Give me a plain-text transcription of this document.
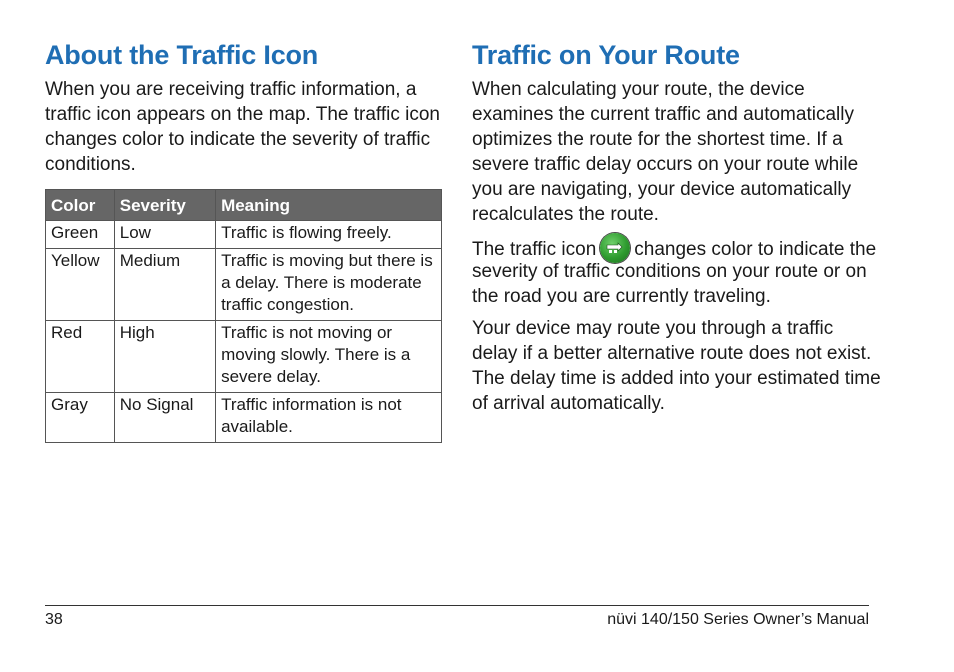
About the Traffic Icon

When you are receiving traffic information, a

traffic icon appears on the map. The traffic icon

changes color to indicate the severity of traffic

conditions.

Color	Severity	Meaning
Green	Low	Traffic is flowing freely.

Yellow	Medium	Traffic is moving but there is
a delay. There is moderate
traffic congestion.

Red	High	Traffic is not moving or
moving slowly. There is a
severe delay.

Gray	No Signal	Traffic information is not
available.
Traffic on Your Route

When calculating your route, the device

examines the current traffic and automatically

optimizes the route for the shortest time. If a

severe traffic delay occurs on your route while

you are navigating, your device automatically

recalculates the route.

The traffic icon changes color to indicate the

severity of traffic conditions on your route or on

the road you are currently traveling.

Your device may route you through a traffic

delay if a better alternative route does not exist.

The delay time is added into your estimated time

of arrival automatically.

38	nüvi 140/150 Series Owner’s Manual
